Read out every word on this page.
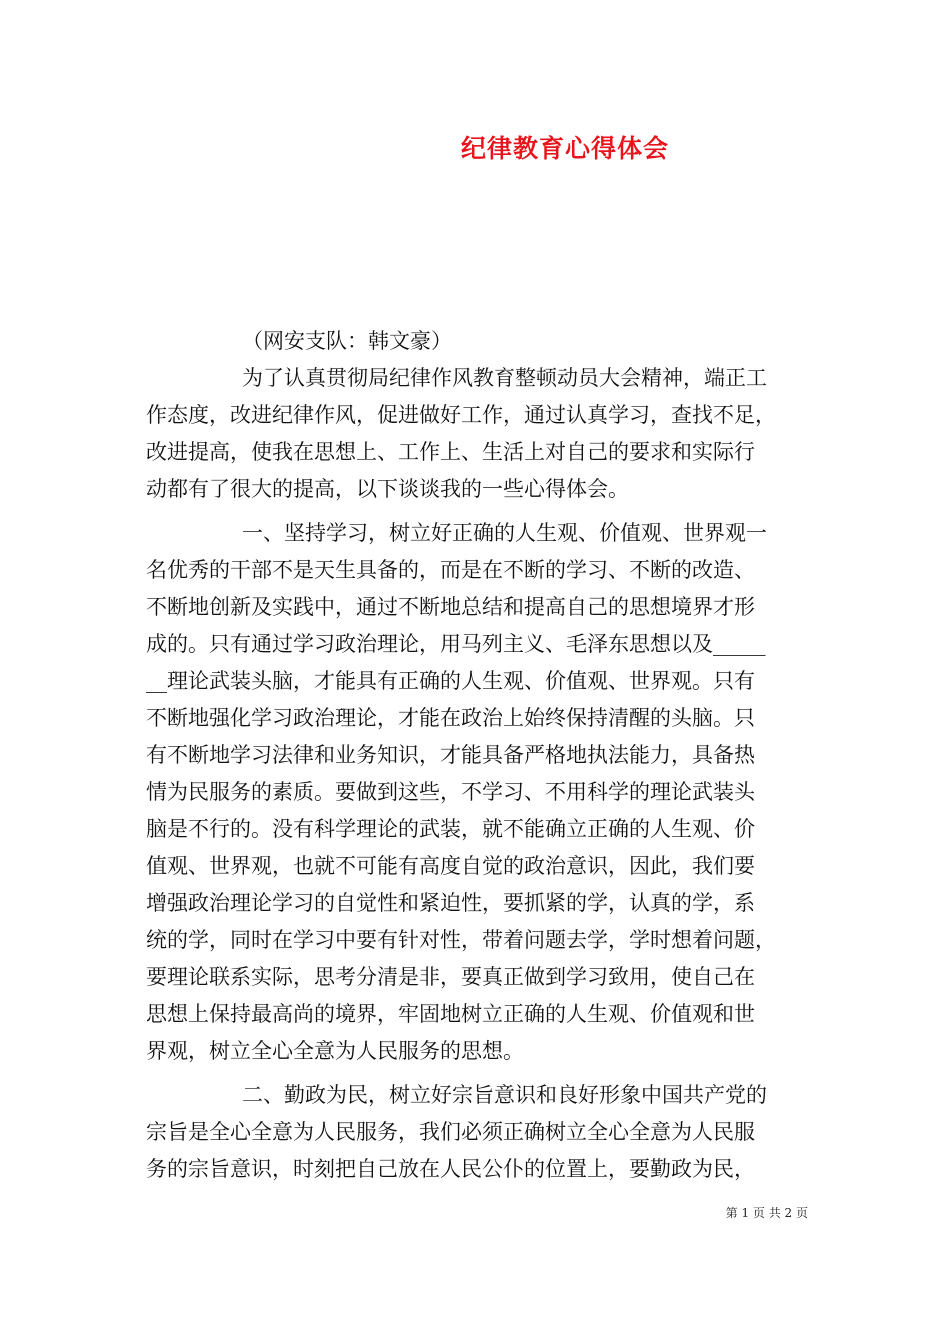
纪律教育心得体会
（网安支队：韩文豪）
为了认真贯彻局纪律作风教育整顿动员大会精神，端正工
作态度，改进纪律作风，促进做好工作，通过认真学习，查找不足，
改进提高，使我在思想上、工作上、生活上对自己的要求和实际行
动都有了很大的提高，以下谈谈我的一些心得体会。
一、坚持学习，树立好正确的人生观、价值观、世界观一
名优秀的干部不是天生具备的，而是在不断的学习、不断的改造、
不断地创新及实践中，通过不断地总结和提高自己的思想境界才形
成的。只有通过学习政治理论，用马列主义、毛泽东思想以及_____
__理论武装头脑，才能具有正确的人生观、价值观、世界观。只有
不断地强化学习政治理论，才能在政治上始终保持清醒的头脑。只
有不断地学习法律和业务知识，才能具备严格地执法能力，具备热
情为民服务的素质。要做到这些，不学习、不用科学的理论武装头
脑是不行的。没有科学理论的武装，就不能确立正确的人生观、价
值观、世界观，也就不可能有高度自觉的政治意识，因此，我们要
增强政治理论学习的自觉性和紧迫性，要抓紧的学，认真的学，系
统的学，同时在学习中要有针对性，带着问题去学，学时想着问题，
要理论联系实际，思考分清是非，要真正做到学习致用，使自己在
思想上保持最高尚的境界，牢固地树立正确的人生观、价值观和世
界观，树立全心全意为人民服务的思想。
二、勤政为民，树立好宗旨意识和良好形象中国共产党的
宗旨是全心全意为人民服务，我们必须正确树立全心全意为人民服
务的宗旨意识，时刻把自己放在人民公仆的位置上，要勤政为民，
第 1 页 共 2 页
